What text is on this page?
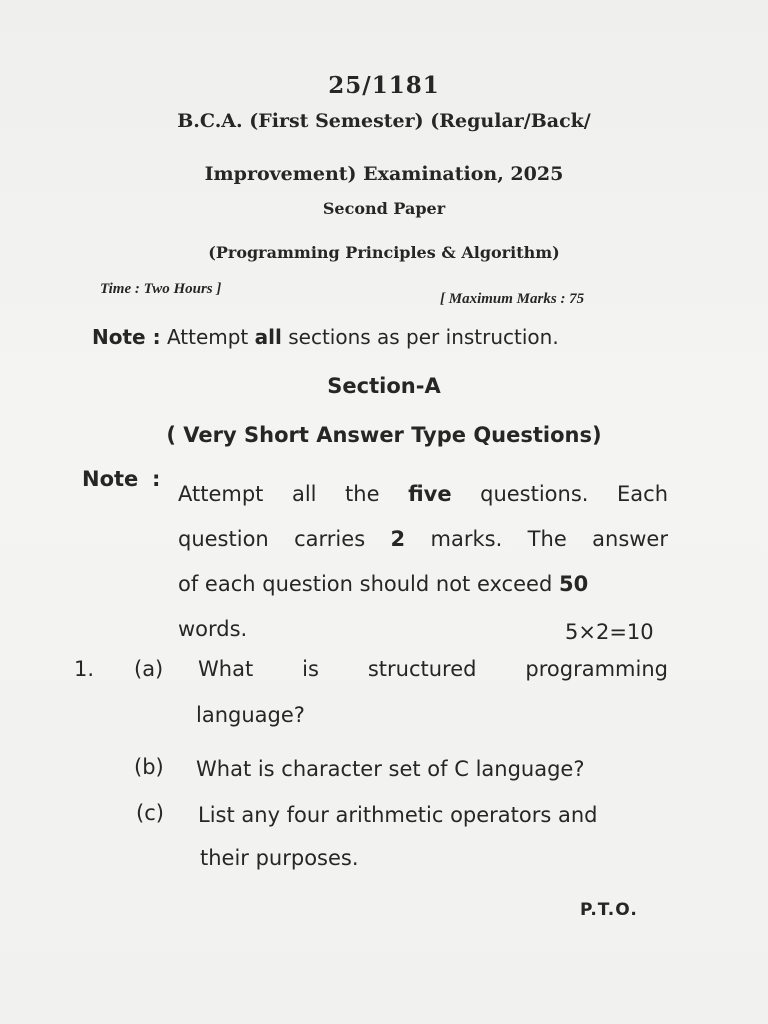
25/1181
B.C.A. (First Semester) (Regular/Back/
Improvement) Examination, 2025
Second Paper
(Programming Principles & Algorithm)
Time : Two Hours ]
[ Maximum Marks : 75
Note : Attempt all sections as per instruction.
Section-A
( Very Short Answer Type Questions)
Note :
Attempt all the five questions. Each
question carries 2 marks. The answer
of each question should not exceed 50
words.	5×2=10
1. (a) What is structured programming
language?
(b) What is character set of C language?
(c) List any four arithmetic operators and
their purposes.
P.T.O.
